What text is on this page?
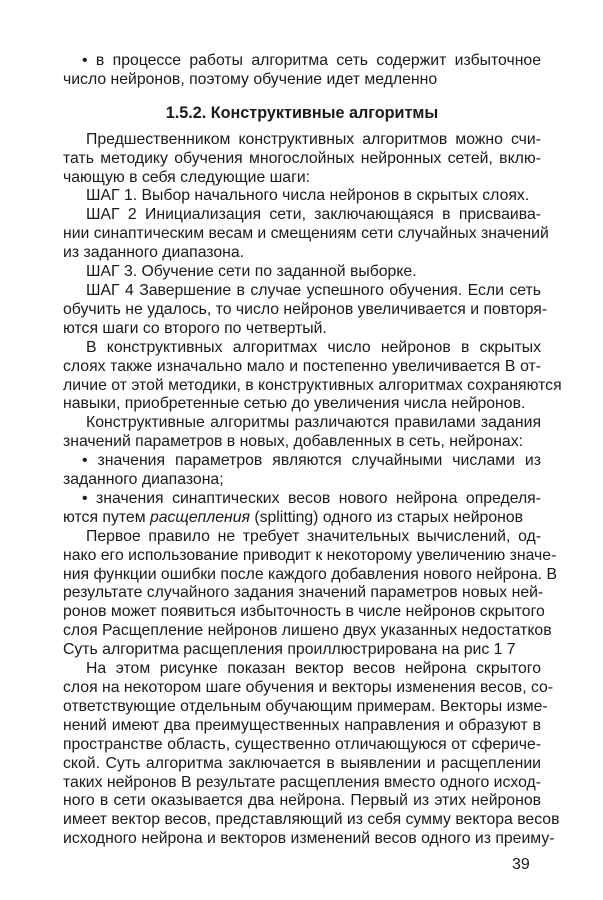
• в процессе работы алгоритма сеть содержит избыточное
число нейронов, поэтому обучение идет медленно
1.5.2. Конструктивные алгоритмы
Предшественником конструктивных алгоритмов можно счи-
тать методику обучения многослойных нейронных сетей, вклю-
чающую в себя следующие шаги:
ШАГ 1. Выбор начального числа нейронов в скрытых слоях.
ШАГ 2 Инициализация сети, заключающаяся в присваива-
нии синаптическим весам и смещениям сети случайных значений
из заданного диапазона.
ШАГ 3. Обучение сети по заданной выборке.
ШАГ 4 Завершение в случае успешного обучения. Если сеть
обучить не удалось, то число нейронов увеличивается и повторя-
ются шаги со второго по четвертый.
В конструктивных алгоритмах число нейронов в скрытых
слоях также изначально мало и постепенно увеличивается В от-
личие от этой методики, в конструктивных алгоритмах сохраняются
навыки, приобретенные сетью до увеличения числа нейронов.
Конструктивные алгоритмы различаются правилами задания
значений параметров в новых, добавленных в сеть, нейронах:
• значения параметров являются случайными числами из
заданного диапазона;
• значения синаптических весов нового нейрона определя-
ются путем расщепления (splitting) одного из старых нейронов
Первое правило не требует значительных вычислений, од-
нако его использование приводит к некоторому увеличению значе-
ния функции ошибки после каждого добавления нового нейрона. В
результате случайного задания значений параметров новых ней-
ронов может появиться избыточность в числе нейронов скрытого
слоя Расщепление нейронов лишено двух указанных недостатков
Суть алгоритма расщепления проиллюстрирована на рис 1 7
На этом рисунке показан вектор весов нейрона скрытого
слоя на некотором шаге обучения и векторы изменения весов, со-
ответствующие отдельным обучающим примерам. Векторы изме-
нений имеют два преимущественных направления и образуют в
пространстве область, существенно отличающуюся от сфериче-
ской. Суть алгоритма заключается в выявлении и расщеплении
таких нейронов В результате расщепления вместо одного исход-
ного в сети оказывается два нейрона. Первый из этих нейронов
имеет вектор весов, представляющий из себя сумму вектора весов
исходного нейрона и векторов изменений весов одного из преиму-
39
